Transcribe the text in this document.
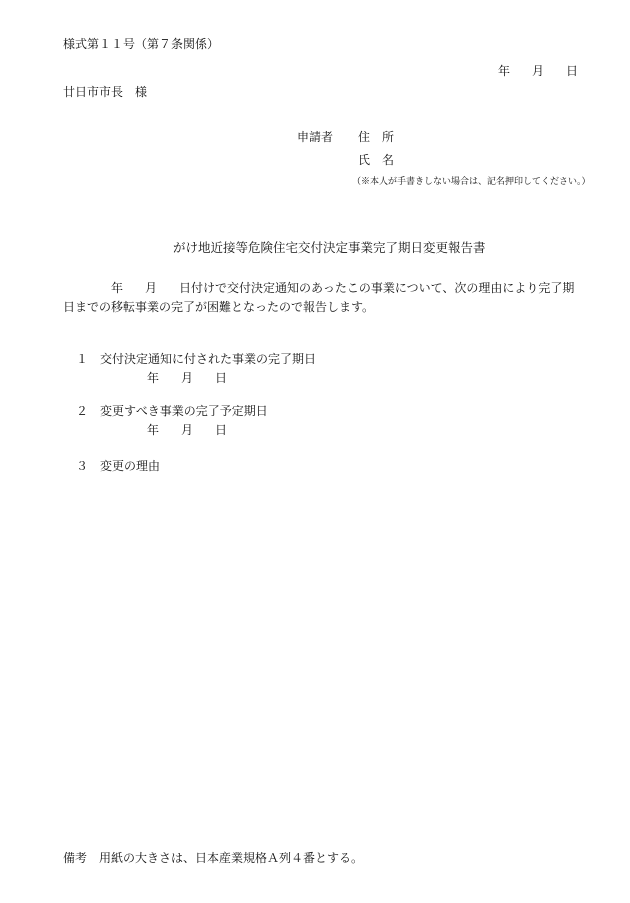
様式第１１号（第７条関係）
年 月 日
廿日市市長　様
申請者 住　所
氏　名
（※本人が手書きしない場合は、記名押印してください。）
がけ地近接等危険住宅交付決定事業完了期日変更報告書
年 月 日付けで交付決定通知のあったこの事業について、次の理由により完了期
日までの移転事業の完了が困難となったので報告します。
１ 交付決定通知に付された事業の完了期日
年 月 日
２ 変更すべき事業の完了予定期日
年 月 日
３ 変更の理由
備考 用紙の大きさは、日本産業規格Ａ列４番とする。
